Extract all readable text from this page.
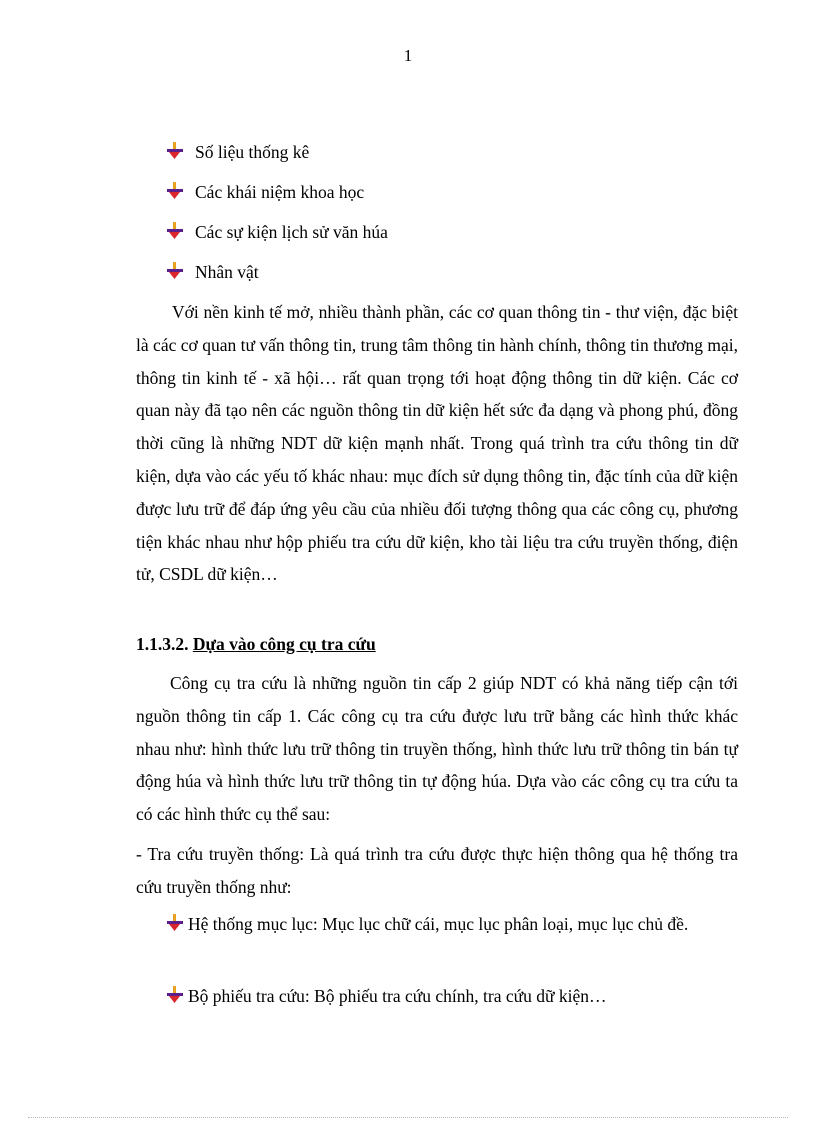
1
Số liệu thống kê
Các khái niệm khoa học
Các sự kiện lịch sử văn húa
Nhân vật

Với nền kinh tế mở, nhiều thành phần, các cơ quan thông tin - thư viện, đặc biệt là các cơ quan tư vấn thông tin, trung tâm thông tin hành chính, thông tin thương mại, thông tin kinh tế - xã hội… rất quan trọng tới hoạt động thông tin dữ kiện. Các cơ quan này đã tạo nên các nguồn thông tin dữ kiện hết sức đa dạng và phong phú, đồng thời cũng là những NDT dữ kiện mạnh nhất. Trong quá trình tra cứu thông tin dữ kiện, dựa vào các yếu tố khác nhau: mục đích sử dụng thông tin, đặc tính của dữ kiện được lưu trữ để đáp ứng yêu cầu của nhiều đối tượng thông qua các công cụ, phương tiện khác nhau như hộp phiếu tra cứu dữ kiện, kho tài liệu tra cứu truyền thống, điện tử, CSDL dữ kiện…

1.1.3.2. Dựa vào công cụ tra cứu

Công cụ tra cứu là những nguồn tin cấp 2 giúp NDT có khả năng tiếp cận tới nguồn thông tin cấp 1. Các công cụ tra cứu được lưu trữ bằng các hình thức khác nhau như: hình thức lưu trữ thông tin truyền thống, hình thức lưu trữ thông tin bán tự động húa và hình thức lưu trữ thông tin tự động húa. Dựa vào các công cụ tra cứu ta có các hình thức cụ thể sau:

- Tra cứu truyền thống: Là quá trình tra cứu được thực hiện thông qua hệ thống tra cứu truyền thống như:

Hệ thống mục lục: Mục lục chữ cái, mục lục phân loại, mục lục chủ đề.
Bộ phiếu tra cứu: Bộ phiếu tra cứu chính, tra cứu dữ kiện…
